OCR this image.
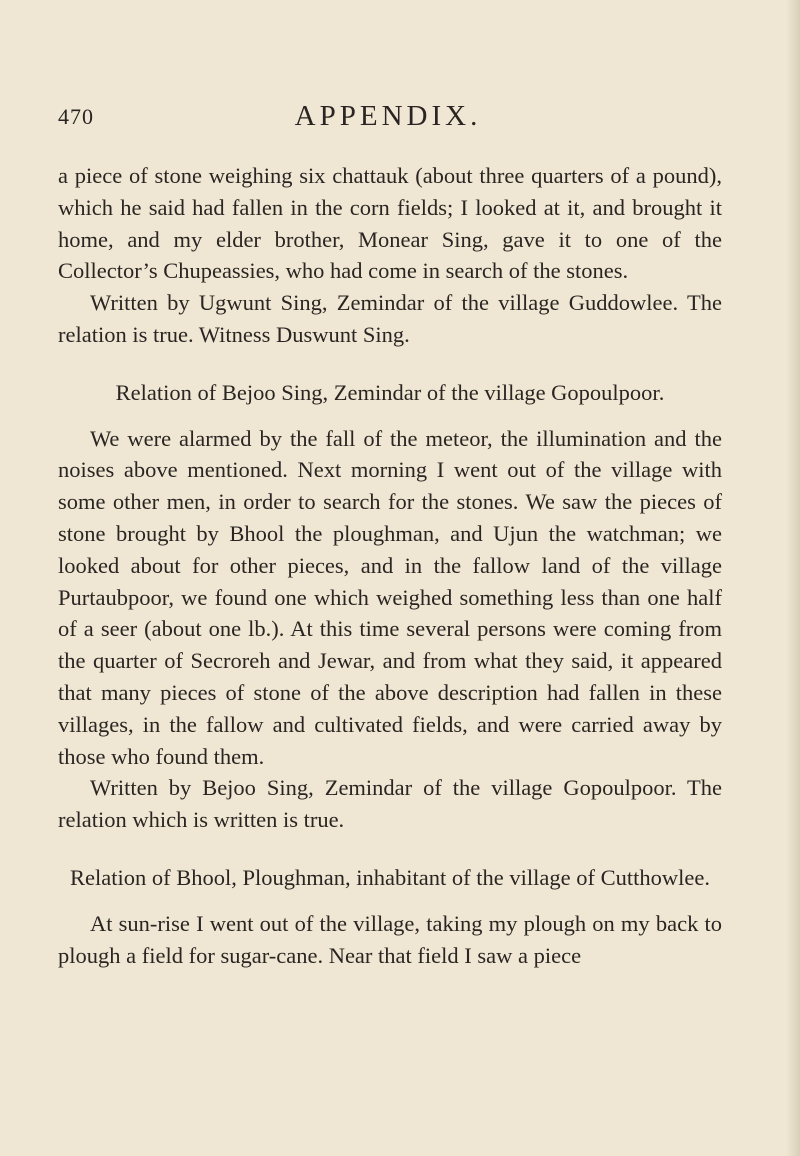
470	APPENDIX.

a piece of stone weighing six chattauk (about three quarters of a pound), which he said had fallen in the corn fields; I looked at it, and brought it home, and my elder brother, Monear Sing, gave it to one of the Collector’s Chupeassies, who had come in search of the stones.

Written by Ugwunt Sing, Zemindar of the village Guddowlee. The relation is true. Witness Duswunt Sing.

Relation of Bejoo Sing, Zemindar of the village Gopoulpoor.

We were alarmed by the fall of the meteor, the illumination and the noises above mentioned. Next morning I went out of the village with some other men, in order to search for the stones. We saw the pieces of stone brought by Bhool the ploughman, and Ujun the watchman; we looked about for other pieces, and in the fallow land of the village Purtaubpoor, we found one which weighed something less than one half of a seer (about one lb.). At this time several persons were coming from the quarter of Secroreh and Jewar, and from what they said, it appeared that many pieces of stone of the above description had fallen in these villages, in the fallow and cultivated fields, and were carried away by those who found them.

Written by Bejoo Sing, Zemindar of the village Gopoulpoor. The relation which is written is true.

Relation of Bhool, Ploughman, inhabitant of the village of Cutthowlee.

At sun-rise I went out of the village, taking my plough on my back to plough a field for sugar-cane. Near that field I saw a piece
